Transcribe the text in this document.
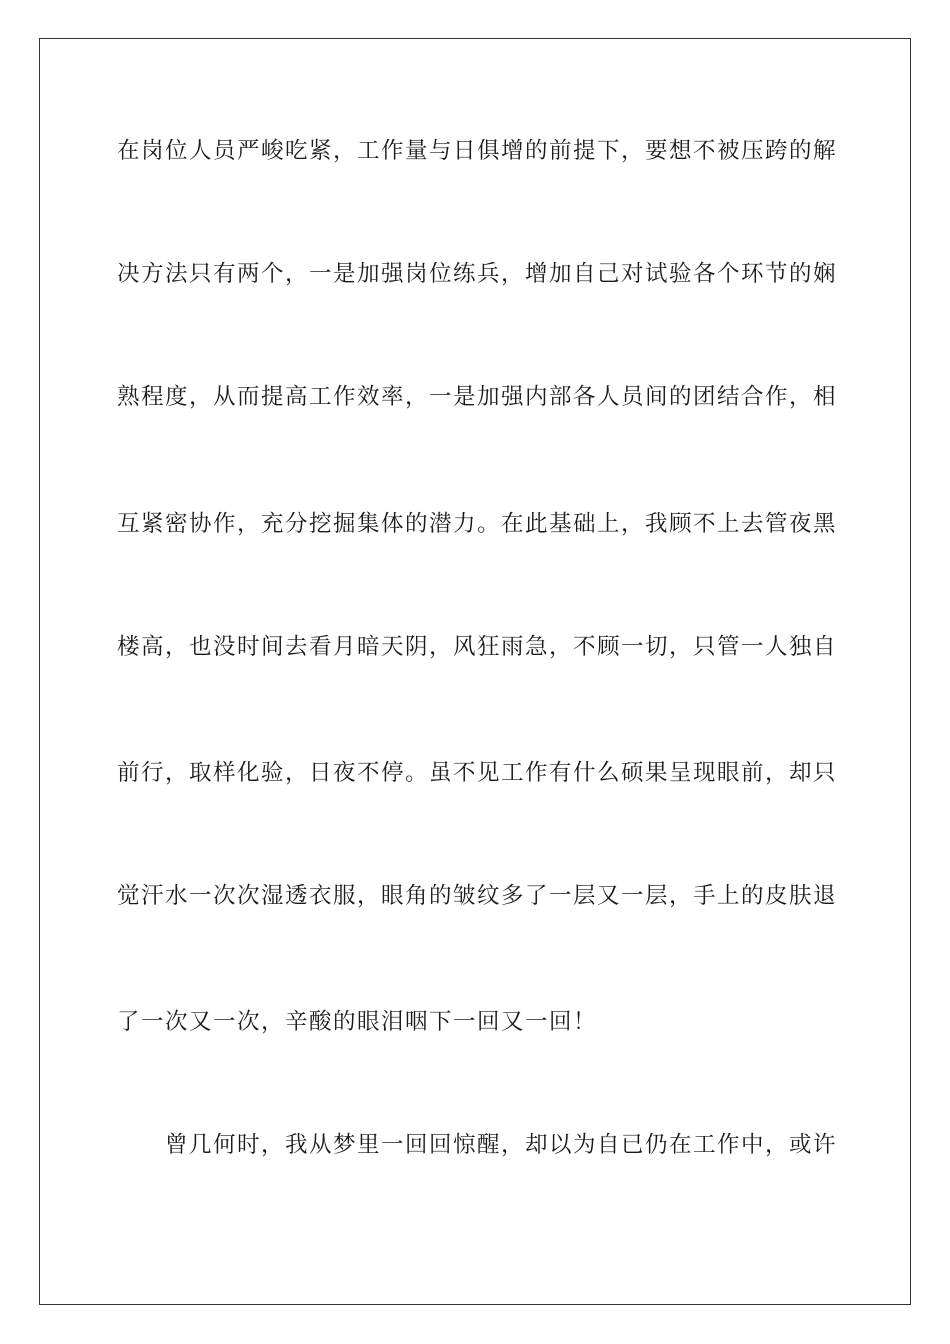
在岗位人员严峻吃紧，工作量与日俱增的前提下，要想不被压跨的解
决方法只有两个，一是加强岗位练兵，增加自己对试验各个环节的娴
熟程度，从而提高工作效率，一是加强内部各人员间的团结合作，相
互紧密协作，充分挖掘集体的潜力。在此基础上，我顾不上去管夜黑
楼高，也没时间去看月暗天阴，风狂雨急，不顾一切，只管一人独自
前行，取样化验，日夜不停。虽不见工作有什么硕果呈现眼前，却只
觉汗水一次次湿透衣服，眼角的皱纹多了一层又一层，手上的皮肤退
了一次又一次，辛酸的眼泪咽下一回又一回！
曾几何时，我从梦里一回回惊醒，却以为自已仍在工作中，或许
